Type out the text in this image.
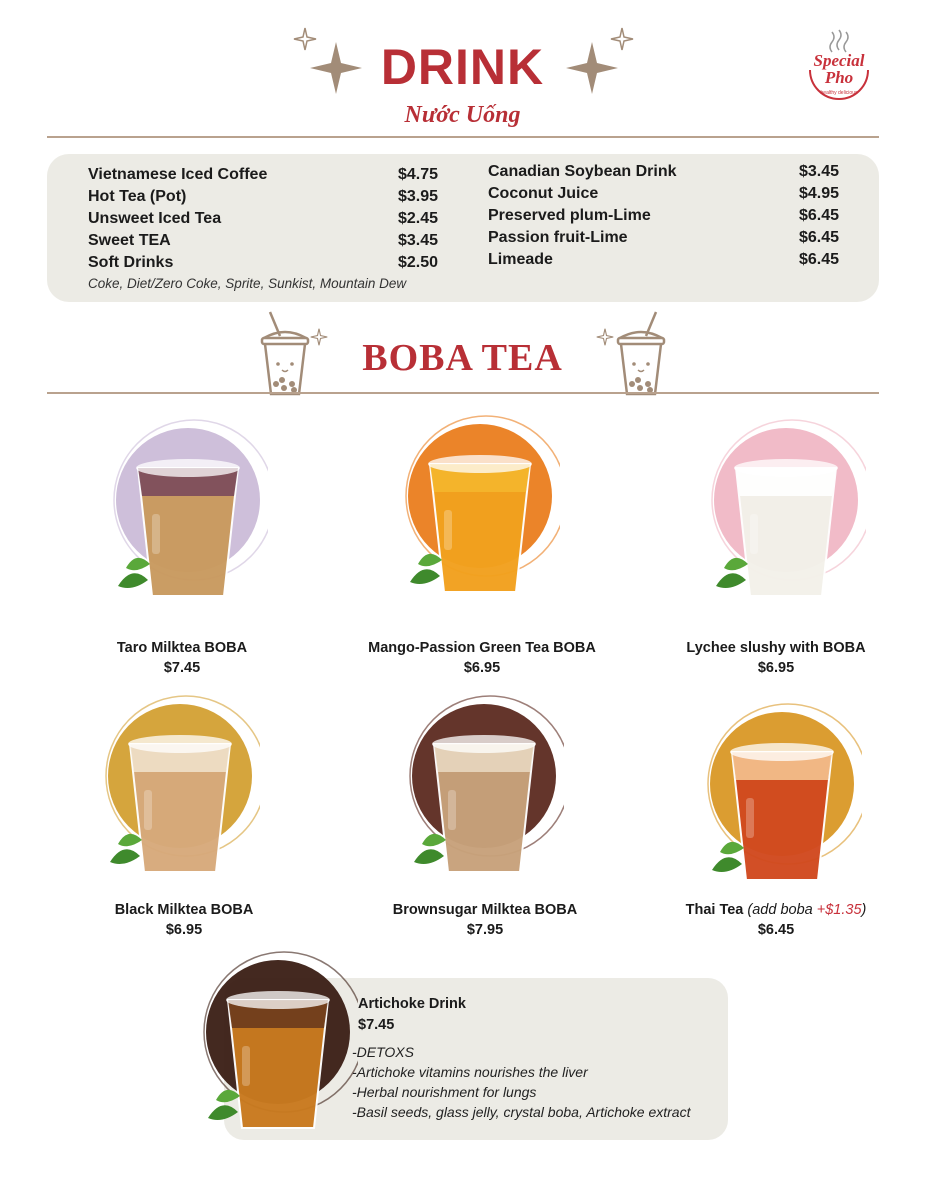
DRINK
Nước Uống
Special Pho
healthy delicious
Vietnamese Iced Coffee	$4.75
Hot Tea (Pot)	$3.95
Unsweet Iced Tea	$2.45
Sweet TEA	$3.45
Soft Drinks	$2.50
Coke, Diet/Zero Coke, Sprite, Sunkist, Mountain Dew
Canadian Soybean Drink	$3.45
Coconut Juice	$4.95
Preserved plum-Lime	$6.45
Passion fruit-Lime	$6.45
Limeade	$6.45
BOBA TEA
Taro Milktea BOBA
$7.45
Mango-Passion Green Tea BOBA
$6.95
Lychee slushy with BOBA
$6.95
Black Milktea BOBA
$6.95
Brownsugar Milktea BOBA
$7.95
Thai Tea (add boba +$1.35)
$6.45
Artichoke Drink
$7.45
-DETOXS
-Artichoke vitamins nourishes the liver
-Herbal nourishment for lungs
-Basil seeds, glass jelly, crystal boba, Artichoke extract
